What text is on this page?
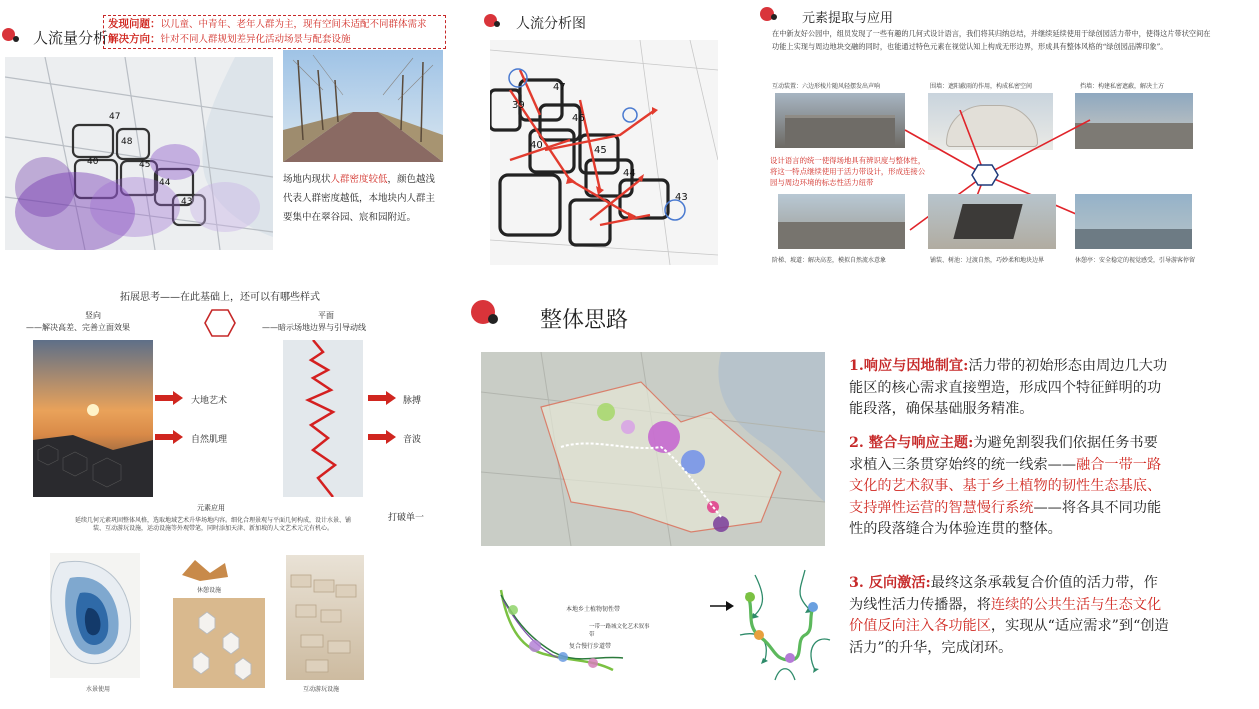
人流量分析
发现问题：以儿童、中青年、老年人群为主，现有空间未适配不同群体需求
解决方向：针对不同人群规划差异化活动场景与配套设施
47
48
40	45
44
43
场地内现状人群密度较低，颜色越浅代表人群密度越低，本地块内人群主要集中在翠谷园、宸和园附近。
人流分析图
47
39
46
40	45
44
43
元素提取与应用
在中新友好公园中，组员发现了一些有趣的几何式设计语言，我们将其归纳总结，并继续延续使用于绿创园活力带中，使得这片带状空间在功能上实现与周边地块交融的同时，也能通过特色元素在视觉认知上构成无形边界，形成具有整体风格的“绿创园品牌印象”。
互动装置：六边形棱片随风轻摆发出声响	围墙：遮阳蔽雨的作用，构成私密空间	挡墙：构建私密遮蔽，解决土方
设计语言的统一使得场地具有辨识度与整体性，将这一特点继续使用于活力带设计，形成连接公园与周边环境的标志性活力纽带
阶梯、坡道：解决高差，模拟自然流水意象	铺装、树池：过渡自然，巧妙柔和地块边界	休憩亭：安全稳定的视觉感受，引导游客停留
拓展思考——在此基础上，还可以有哪些样式
竖向
——解决高差、完善立面效果
平面
——暗示场地边界与引导动线
大地艺术
自然肌理
脉搏
音波
打破单一
元素应用
延续几何元素巩固整体风格，选取地域艺术升华场地内容。细化合理景观与平面几何构成，设计水景、铺装、互动游玩设施，运动设施等外观带笔，同时添加天津、新加坡的人文艺术元元有机心。
休憩设施
水景使用	互动游玩设施
整体思路
本地乡土植物韧性带
一带一路城文化艺术叙事带
复合慢行步道带
1.响应与因地制宜:活力带的初始形态由周边几大功能区的核心需求直接塑造，形成四个特征鲜明的功能段落，确保基础服务精准。
2. 整合与响应主题:为避免割裂我们依据任务书要求植入三条贯穿始终的统一线索——融合一带一路文化的艺术叙事、基于乡土植物的韧性生态基底、支持弹性运营的智慧慢行系统——将各具不同功能性的段落缝合为体验连贯的整体。
3. 反向激活:最终这条承载复合价值的活力带，作为线性活力传播器，将连续的公共生活与生态文化价值反向注入各功能区，实现从“适应需求”到“创造活力”的升华，完成闭环。
